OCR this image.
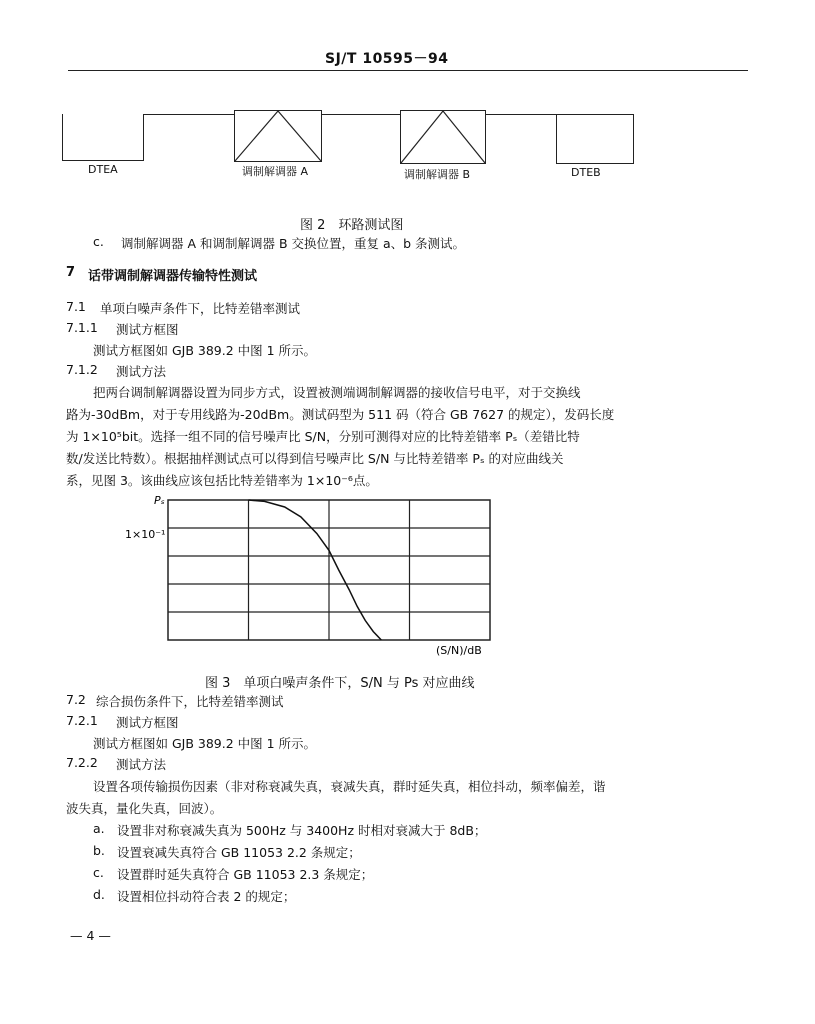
SJ/T 10595－94
DTEA	调制解调器 A	调制解调器 B	DTEB
图 2　环路测试图
c. 调制解调器 A 和调制解调器 B 交换位置，重复 a、b 条测试。
7 话带调制解调器传输特性测试
7.1 单项白噪声条件下，比特差错率测试
7.1.1 测试方框图
测试方框图如 GJB 389.2 中图 1 所示。
7.1.2 测试方法
把两台调制解调器设置为同步方式，设置被测端调制解调器的接收信号电平，对于交换线
路为-30dBm，对于专用线路为-20dBm。测试码型为 511 码（符合 GB 7627 的规定），发码长度
为 1×10⁵bit。选择一组不同的信号噪声比 S/N，分别可测得对应的比特差错率 Pₛ（差错比特
数/发送比特数）。根据抽样测试点可以得到信号噪声比 S/N 与比特差错率 Pₛ 的对应曲线关
系，见图 3。该曲线应该包括比特差错率为 1×10⁻⁶点。
Pₛ
1×10⁻¹
(S/N)/dB
图 3　单项白噪声条件下，S/N 与 Ps 对应曲线
7.2 综合损伤条件下，比特差错率测试
7.2.1 测试方框图
测试方框图如 GJB 389.2 中图 1 所示。
7.2.2 测试方法
设置各项传输损伤因素（非对称衰减失真，衰减失真，群时延失真，相位抖动，频率偏差，谐
波失真，量化失真，回波）。
a. 设置非对称衰减失真为 500Hz 与 3400Hz 时相对衰减大于 8dB；
b. 设置衰减失真符合 GB 11053 2.2 条规定；
c. 设置群时延失真符合 GB 11053 2.3 条规定；
d. 设置相位抖动符合表 2 的规定；
— 4 —
